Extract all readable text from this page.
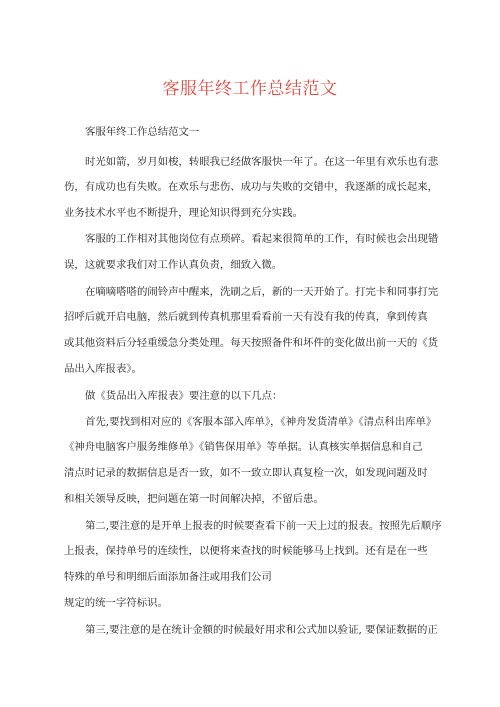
客服年终工作总结范文
客服年终工作总结范文一
时光如箭，岁月如梭，转眼我已经做客服快一年了。在这一年里有欢乐也有悲
伤，有成功也有失败。在欢乐与悲伤、成功与失败的交错中，我逐渐的成长起来，
业务技术水平也不断提升，理论知识得到充分实践。
客服的工作相对其他岗位有点琐碎。看起来很简单的工作，有时候也会出现错
误，这就要求我们对工作认真负责，细致入微。
在嘀嘀嗒嗒的闹铃声中醒来，洗刷之后，新的一天开始了。打完卡和同事打完
招呼后就开启电脑，然后就到传真机那里看看前一天有没有我的传真，拿到传真
或其他资料后分轻重缓急分类处理。每天按照备件和坏件的变化做出前一天的《货
品出入库报表》。
做《货品出入库报表》要注意的以下几点：
首先,要找到相对应的《客服本部入库单》，《神舟发货清单》《清点科出库单》
《神舟电脑客户服务维修单》《销售保用单》等单据。认真核实单据信息和自己
清点时记录的数据信息是否一致，如不一致立即认真复检一次，如发现问题及时
和相关领导反映，把问题在第一时间解决掉，不留后患。
第二,要注意的是开单上报表的时候要查看下前一天上过的报表。按照先后顺序
上报表，保持单号的连续性，以便将来查找的时候能够马上找到。还有是在一些
特殊的单号和明细后面添加备注或用我们公司
规定的统一字符标识。
第三,要注意的是在统计金额的时候最好用求和公式加以验证, 要保证数据的正
